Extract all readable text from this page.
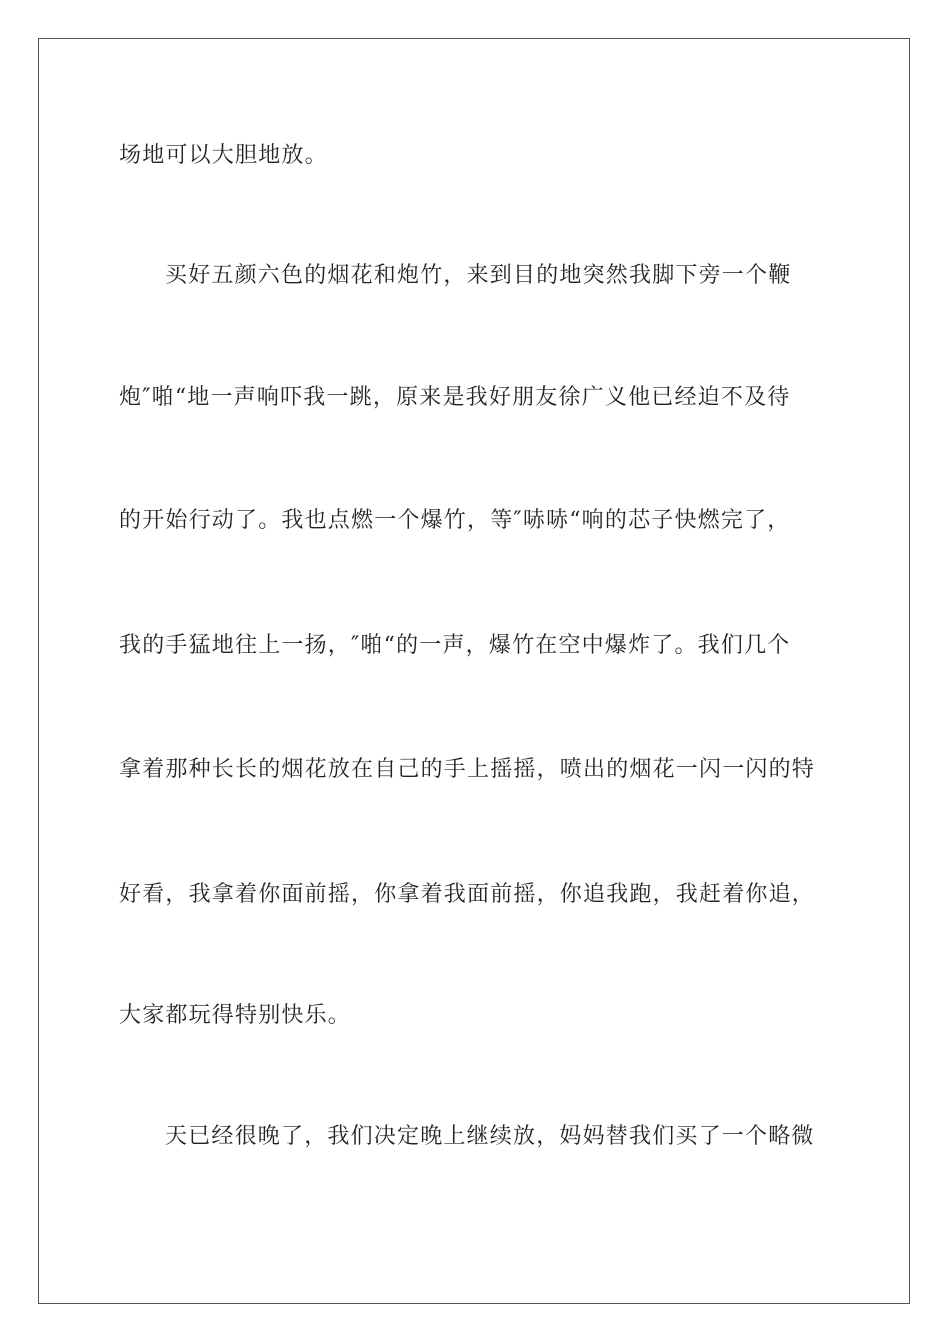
场地可以大胆地放。
买好五颜六色的烟花和炮竹，来到目的地突然我脚下旁一个鞭
炮″啪“地一声响吓我一跳，原来是我好朋友徐广义他已经迫不及待
的开始行动了。我也点燃一个爆竹，等″哧哧“响的芯子快燃完了，
我的手猛地往上一扬，″啪“的一声，爆竹在空中爆炸了。我们几个
拿着那种长长的烟花放在自己的手上摇摇，喷出的烟花一闪一闪的特
好看，我拿着你面前摇，你拿着我面前摇，你追我跑，我赶着你追，
大家都玩得特别快乐。
天已经很晚了，我们决定晚上继续放，妈妈替我们买了一个略微
